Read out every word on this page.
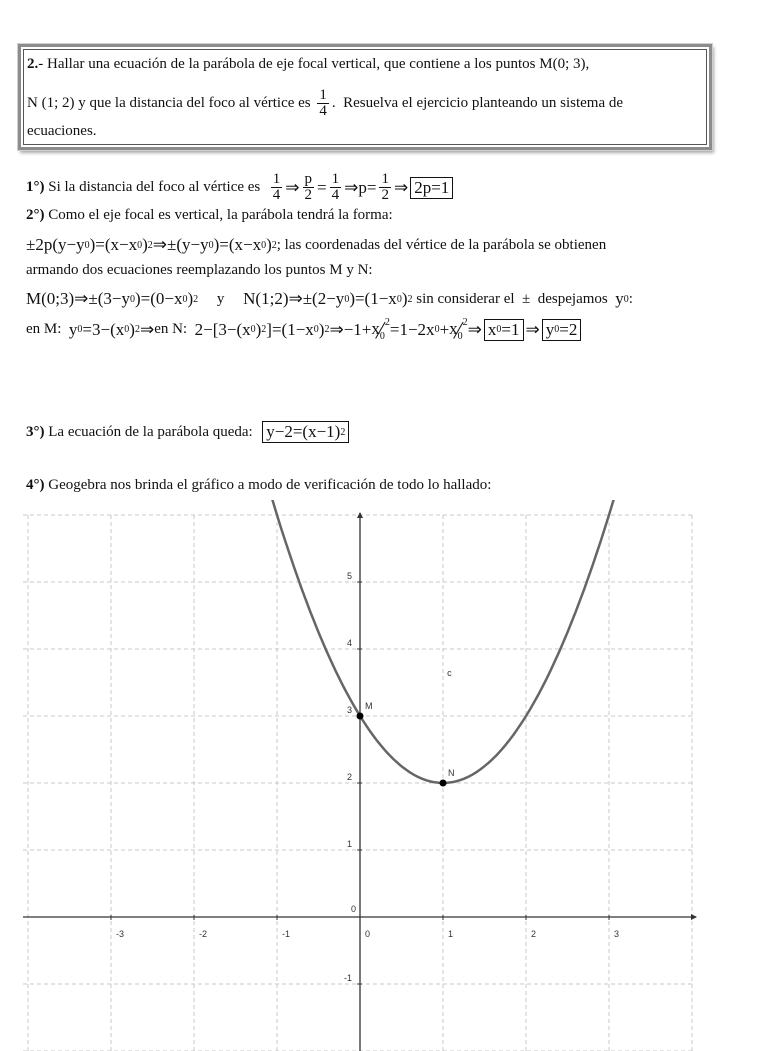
2. - Hallar una ecuación de la parábola de eje focal vertical, que contiene a los puntos M(0; 3),
N (1; 2) y que la distancia del foco al vértice es $\frac{1}{4}$ .  Resuelva el ejercicio planteando un sistema de
ecuaciones.
1°) Si la distancia del foco al vértice es $\frac{1}{4}$ ⇒ $\frac{p}{2} = \frac{1}{4}$ ⇒p= $\frac{1}{2}$ ⇒ 2p=1
2°) Como el eje focal es vertical, la parábola tendrá la forma:
±2p(y−y 0 )=(x−x 0 ) 2 ⇒±(y−y 0 )=(x−x 0 ) 2 ; las coordenadas del vértice de la parábola se obtienen
armando dos ecuaciones reemplazando los puntos M y N:
M(0;3)⇒±(3−y 0 )=(0−x 0 ) 2 y N(1;2)⇒±(2−y 0 )=(1−x 0 ) 2 sin considerar el  ±  despejamos y 0 :
en M: y 0 =3−(x 0 ) 2 ⇒ en N: 2−[3−(x 0 ) 2 ]=(1−x 0 ) 2 ⇒−1+ $x_0^2 =1-2x$ $0 + x_0^2$ ⇒ x 0 =1 ⇒ y 0 =2
3°) La ecuación de la parábola queda: y−2=(x−1) 2
4°) Geogebra nos brinda el gráfico a modo de verificación de todo lo hallado:
-3	-2	-1	0	1	2	3
-1
1
2
3
4
5
0
c
M
N
